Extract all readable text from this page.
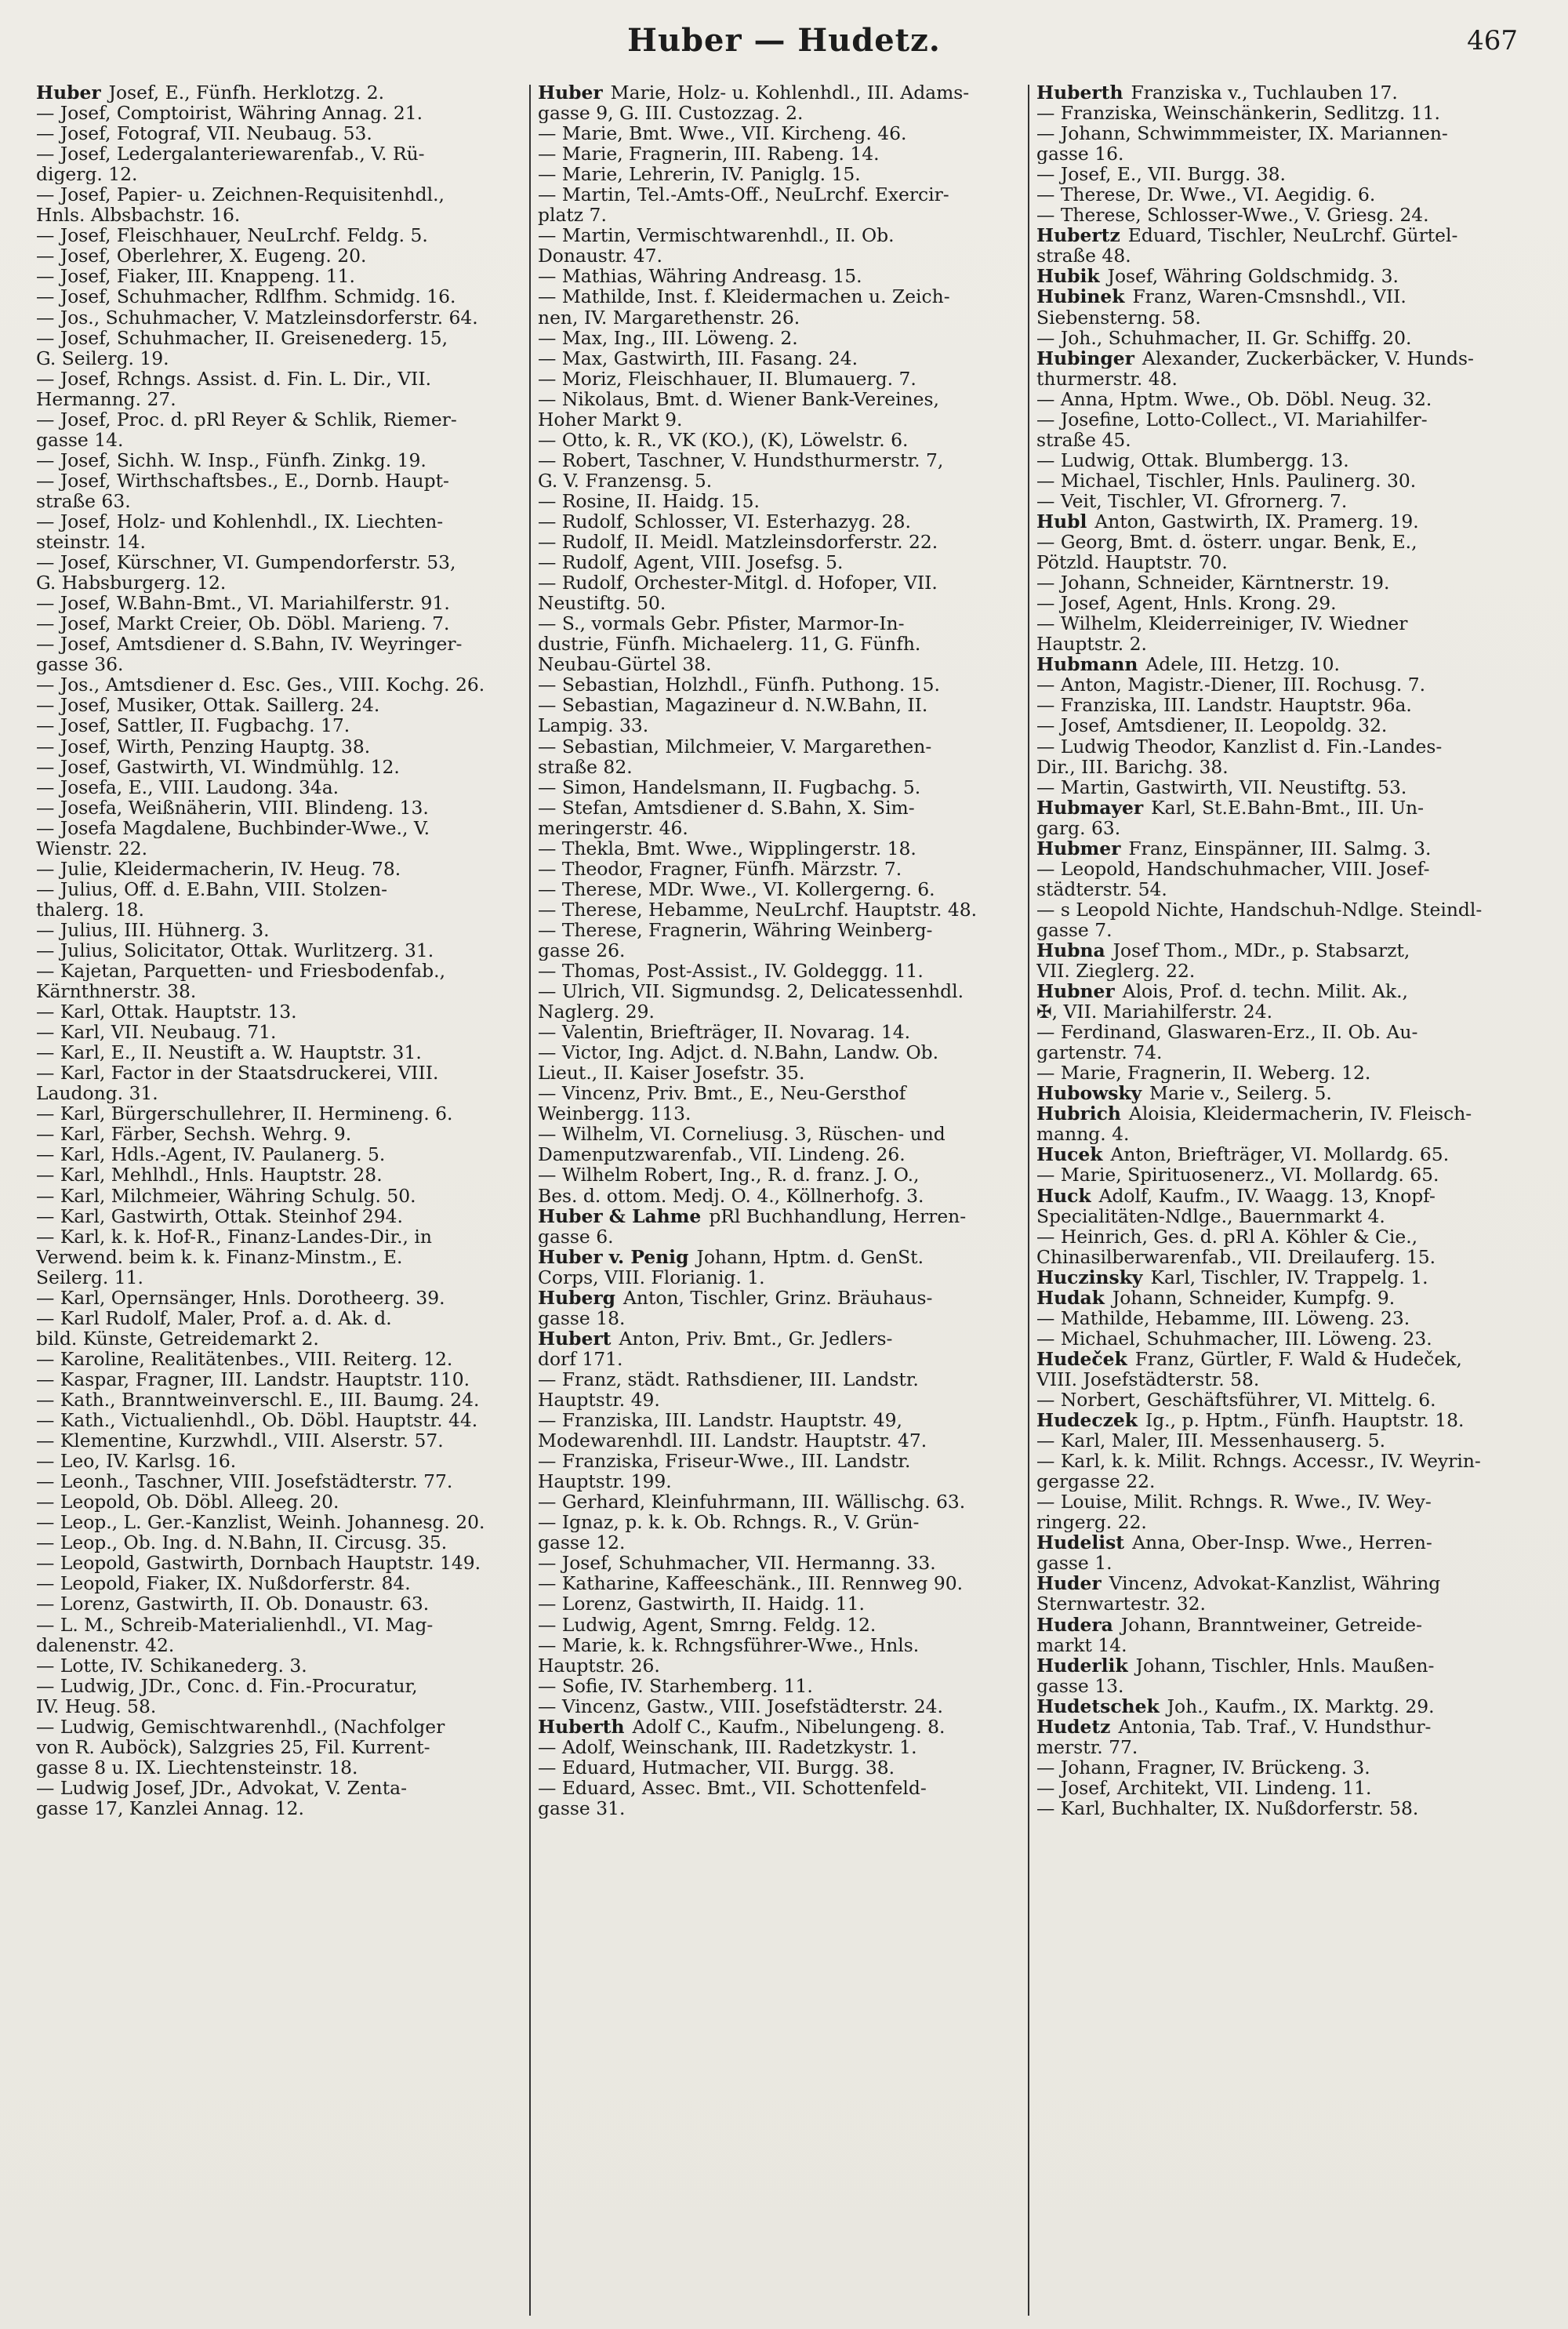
Huber — Hudetz.	467
Huber Josef, E., Fünfh. Herklotzg. 2.
— Josef, Comptoirist, Währing Annag. 21.
— Josef, Fotograf, VII. Neubaug. 53.
— Josef, Ledergalanteriewarenfab., V. Rü-
digerg. 12.
— Josef, Papier- u. Zeichnen-Requisitenhdl.,
Hnls. Albsbachstr. 16.
— Josef, Fleischhauer, NeuLrchf. Feldg. 5.
— Josef, Oberlehrer, X. Eugeng. 20.
— Josef, Fiaker, III. Knappeng. 11.
— Josef, Schuhmacher, Rdlfhm. Schmidg. 16.
— Jos., Schuhmacher, V. Matzleinsdorferstr. 64.
— Josef, Schuhmacher, II. Greisenederg. 15,
G. Seilerg. 19.
— Josef, Rchngs. Assist. d. Fin. L. Dir., VII.
Hermanng. 27.
— Josef, Proc. d. pRl Reyer & Schlik, Riemer-
gasse 14.
— Josef, Sichh. W. Insp., Fünfh. Zinkg. 19.
— Josef, Wirthschaftsbes., E., Dornb. Haupt-
straße 63.
— Josef, Holz- und Kohlenhdl., IX. Liechten-
steinstr. 14.
— Josef, Kürschner, VI. Gumpendorferstr. 53,
G. Habsburgerg. 12.
— Josef, W.Bahn-Bmt., VI. Mariahilferstr. 91.
— Josef, Markt Creier, Ob. Döbl. Marieng. 7.
— Josef, Amtsdiener d. S.Bahn, IV. Weyringer-
gasse 36.
— Jos., Amtsdiener d. Esc. Ges., VIII. Kochg. 26.
— Josef, Musiker, Ottak. Saillerg. 24.
— Josef, Sattler, II. Fugbachg. 17.
— Josef, Wirth, Penzing Hauptg. 38.
— Josef, Gastwirth, VI. Windmühlg. 12.
— Josefa, E., VIII. Laudong. 34a.
— Josefa, Weißnäherin, VIII. Blindeng. 13.
— Josefa Magdalene, Buchbinder-Wwe., V.
Wienstr. 22.
— Julie, Kleidermacherin, IV. Heug. 78.
— Julius, Off. d. E.Bahn, VIII. Stolzen-
thalerg. 18.
— Julius, III. Hühnerg. 3.
— Julius, Solicitator, Ottak. Wurlitzerg. 31.
— Kajetan, Parquetten- und Friesbodenfab.,
Kärnthnerstr. 38.
— Karl, Ottak. Hauptstr. 13.
— Karl, VII. Neubaug. 71.
— Karl, E., II. Neustift a. W. Hauptstr. 31.
— Karl, Factor in der Staatsdruckerei, VIII.
Laudong. 31.
— Karl, Bürgerschullehrer, II. Hermineng. 6.
— Karl, Färber, Sechsh. Wehrg. 9.
— Karl, Hdls.-Agent, IV. Paulanerg. 5.
— Karl, Mehlhdl., Hnls. Hauptstr. 28.
— Karl, Milchmeier, Währing Schulg. 50.
— Karl, Gastwirth, Ottak. Steinhof 294.
— Karl, k. k. Hof-R., Finanz-Landes-Dir., in
Verwend. beim k. k. Finanz-Minstm., E.
Seilerg. 11.
— Karl, Opernsänger, Hnls. Dorotheerg. 39.
— Karl Rudolf, Maler, Prof. a. d. Ak. d.
bild. Künste, Getreidemarkt 2.
— Karoline, Realitätenbes., VIII. Reiterg. 12.
— Kaspar, Fragner, III. Landstr. Hauptstr. 110.
— Kath., Branntweinverschl. E., III. Baumg. 24.
— Kath., Victualienhdl., Ob. Döbl. Hauptstr. 44.
— Klementine, Kurzwhdl., VIII. Alserstr. 57.
— Leo, IV. Karlsg. 16.
— Leonh., Taschner, VIII. Josefstädterstr. 77.
— Leopold, Ob. Döbl. Alleeg. 20.
— Leop., L. Ger.-Kanzlist, Weinh. Johannesg. 20.
— Leop., Ob. Ing. d. N.Bahn, II. Circusg. 35.
— Leopold, Gastwirth, Dornbach Hauptstr. 149.
— Leopold, Fiaker, IX. Nußdorferstr. 84.
— Lorenz, Gastwirth, II. Ob. Donaustr. 63.
— L. M., Schreib-Materialienhdl., VI. Mag-
dalenenstr. 42.
— Lotte, IV. Schikanederg. 3.
— Ludwig, JDr., Conc. d. Fin.-Procuratur,
IV. Heug. 58.
— Ludwig, Gemischtwarenhdl., (Nachfolger
von R. Auböck), Salzgries 25, Fil. Kurrent-
gasse 8 u. IX. Liechtensteinstr. 18.
— Ludwig Josef, JDr., Advokat, V. Zenta-
gasse 17, Kanzlei Annag. 12.
Huber Marie, Holz- u. Kohlenhdl., III. Adams-
gasse 9, G. III. Custozzag. 2.
— Marie, Bmt. Wwe., VII. Kircheng. 46.
— Marie, Fragnerin, III. Rabeng. 14.
— Marie, Lehrerin, IV. Paniglg. 15.
— Martin, Tel.-Amts-Off., NeuLrchf. Exercir-
platz 7.
— Martin, Vermischtwarenhdl., II. Ob.
Donaustr. 47.
— Mathias, Währing Andreasg. 15.
— Mathilde, Inst. f. Kleidermachen u. Zeich-
nen, IV. Margarethenstr. 26.
— Max, Ing., III. Löweng. 2.
— Max, Gastwirth, III. Fasang. 24.
— Moriz, Fleischhauer, II. Blumauerg. 7.
— Nikolaus, Bmt. d. Wiener Bank-Vereines,
Hoher Markt 9.
— Otto, k. R., VK (KO.), (K), Löwelstr. 6.
— Robert, Taschner, V. Hundsthurmerstr. 7,
G. V. Franzensg. 5.
— Rosine, II. Haidg. 15.
— Rudolf, Schlosser, VI. Esterhazyg. 28.
— Rudolf, II. Meidl. Matzleinsdorferstr. 22.
— Rudolf, Agent, VIII. Josefsg. 5.
— Rudolf, Orchester-Mitgl. d. Hofoper, VII.
Neustiftg. 50.
— S., vormals Gebr. Pfister, Marmor-In-
dustrie, Fünfh. Michaelerg. 11, G. Fünfh.
Neubau-Gürtel 38.
— Sebastian, Holzhdl., Fünfh. Puthong. 15.
— Sebastian, Magazineur d. N.W.Bahn, II.
Lampig. 33.
— Sebastian, Milchmeier, V. Margarethen-
straße 82.
— Simon, Handelsmann, II. Fugbachg. 5.
— Stefan, Amtsdiener d. S.Bahn, X. Sim-
meringerstr. 46.
— Thekla, Bmt. Wwe., Wipplingerstr. 18.
— Theodor, Fragner, Fünfh. Märzstr. 7.
— Therese, MDr. Wwe., VI. Kollergerng. 6.
— Therese, Hebamme, NeuLrchf. Hauptstr. 48.
— Therese, Fragnerin, Währing Weinberg-
gasse 26.
— Thomas, Post-Assist., IV. Goldeggg. 11.
— Ulrich, VII. Sigmundsg. 2, Delicatessenhdl.
Naglerg. 29.
— Valentin, Briefträger, II. Novarag. 14.
— Victor, Ing. Adjct. d. N.Bahn, Landw. Ob.
Lieut., II. Kaiser Josefstr. 35.
— Vincenz, Priv. Bmt., E., Neu-Gersthof
Weinbergg. 113.
— Wilhelm, VI. Corneliusg. 3, Rüschen- und
Damenputzwarenfab., VII. Lindeng. 26.
— Wilhelm Robert, Ing., R. d. franz. J. O.,
Bes. d. ottom. Medj. O. 4., Köllnerhofg. 3.
Huber & Lahme pRl Buchhandlung, Herren-
gasse 6.
Huber v. Penig Johann, Hptm. d. GenSt.
Corps, VIII. Florianig. 1.
Huberg Anton, Tischler, Grinz. Bräuhaus-
gasse 18.
Hubert Anton, Priv. Bmt., Gr. Jedlers-
dorf 171.
— Franz, städt. Rathsdiener, III. Landstr.
Hauptstr. 49.
— Franziska, III. Landstr. Hauptstr. 49,
Modewarenhdl. III. Landstr. Hauptstr. 47.
— Franziska, Friseur-Wwe., III. Landstr.
Hauptstr. 199.
— Gerhard, Kleinfuhrmann, III. Wällischg. 63.
— Ignaz, p. k. k. Ob. Rchngs. R., V. Grün-
gasse 12.
— Josef, Schuhmacher, VII. Hermanng. 33.
— Katharine, Kaffeeschänk., III. Rennweg 90.
— Lorenz, Gastwirth, II. Haidg. 11.
— Ludwig, Agent, Smrng. Feldg. 12.
— Marie, k. k. Rchngsführer-Wwe., Hnls.
Hauptstr. 26.
— Sofie, IV. Starhemberg. 11.
— Vincenz, Gastw., VIII. Josefstädterstr. 24.
Huberth Adolf C., Kaufm., Nibelungeng. 8.
— Adolf, Weinschank, III. Radetzkystr. 1.
— Eduard, Hutmacher, VII. Burgg. 38.
— Eduard, Assec. Bmt., VII. Schottenfeld-
gasse 31.
Huberth Franziska v., Tuchlauben 17.
— Franziska, Weinschänkerin, Sedlitzg. 11.
— Johann, Schwimmmeister, IX. Mariannen-
gasse 16.
— Josef, E., VII. Burgg. 38.
— Therese, Dr. Wwe., VI. Aegidig. 6.
— Therese, Schlosser-Wwe., V. Griesg. 24.
Hubertz Eduard, Tischler, NeuLrchf. Gürtel-
straße 48.
Hubik Josef, Währing Goldschmidg. 3.
Hubinek Franz, Waren-Cmsnshdl., VII.
Siebensterng. 58.
— Joh., Schuhmacher, II. Gr. Schiffg. 20.
Hubinger Alexander, Zuckerbäcker, V. Hunds-
thurmerstr. 48.
— Anna, Hptm. Wwe., Ob. Döbl. Neug. 32.
— Josefine, Lotto-Collect., VI. Mariahilfer-
straße 45.
— Ludwig, Ottak. Blumbergg. 13.
— Michael, Tischler, Hnls. Paulinerg. 30.
— Veit, Tischler, VI. Gfrornerg. 7.
Hubl Anton, Gastwirth, IX. Pramerg. 19.
— Georg, Bmt. d. österr. ungar. Benk, E.,
Pötzld. Hauptstr. 70.
— Johann, Schneider, Kärntnerstr. 19.
— Josef, Agent, Hnls. Krong. 29.
— Wilhelm, Kleiderreiniger, IV. Wiedner
Hauptstr. 2.
Hubmann Adele, III. Hetzg. 10.
— Anton, Magistr.-Diener, III. Rochusg. 7.
— Franziska, III. Landstr. Hauptstr. 96a.
— Josef, Amtsdiener, II. Leopoldg. 32.
— Ludwig Theodor, Kanzlist d. Fin.-Landes-
Dir., III. Barichg. 38.
— Martin, Gastwirth, VII. Neustiftg. 53.
Hubmayer Karl, St.E.Bahn-Bmt., III. Un-
garg. 63.
Hubmer Franz, Einspänner, III. Salmg. 3.
— Leopold, Handschuhmacher, VIII. Josef-
städterstr. 54.
— s Leopold Nichte, Handschuh-Ndlge. Steindl-
gasse 7.
Hubna Josef Thom., MDr., p. Stabsarzt,
VII. Zieglerg. 22.
Hubner Alois, Prof. d. techn. Milit. Ak.,
✠, VII. Mariahilferstr. 24.
— Ferdinand, Glaswaren-Erz., II. Ob. Au-
gartenstr. 74.
— Marie, Fragnerin, II. Weberg. 12.
Hubowsky Marie v., Seilerg. 5.
Hubrich Aloisia, Kleidermacherin, IV. Fleisch-
manng. 4.
Hucek Anton, Briefträger, VI. Mollardg. 65.
— Marie, Spirituosenerz., VI. Mollardg. 65.
Huck Adolf, Kaufm., IV. Waagg. 13, Knopf-
Specialitäten-Ndlge., Bauernmarkt 4.
— Heinrich, Ges. d. pRl A. Köhler & Cie.,
Chinasilberwarenfab., VII. Dreilauferg. 15.
Huczinsky Karl, Tischler, IV. Trappelg. 1.
Hudak Johann, Schneider, Kumpfg. 9.
— Mathilde, Hebamme, III. Löweng. 23.
— Michael, Schuhmacher, III. Löweng. 23.
Hudeček Franz, Gürtler, F. Wald & Hudeček,
VIII. Josefstädterstr. 58.
— Norbert, Geschäftsführer, VI. Mittelg. 6.
Hudeczek Ig., p. Hptm., Fünfh. Hauptstr. 18.
— Karl, Maler, III. Messenhauserg. 5.
— Karl, k. k. Milit. Rchngs. Accessr., IV. Weyrin-
gergasse 22.
— Louise, Milit. Rchngs. R. Wwe., IV. Wey-
ringerg. 22.
Hudelist Anna, Ober-Insp. Wwe., Herren-
gasse 1.
Huder Vincenz, Advokat-Kanzlist, Währing
Sternwartestr. 32.
Hudera Johann, Branntweiner, Getreide-
markt 14.
Huderlik Johann, Tischler, Hnls. Maußen-
gasse 13.
Hudetschek Joh., Kaufm., IX. Marktg. 29.
Hudetz Antonia, Tab. Traf., V. Hundsthur-
merstr. 77.
— Johann, Fragner, IV. Brückeng. 3.
— Josef, Architekt, VII. Lindeng. 11.
— Karl, Buchhalter, IX. Nußdorferstr. 58.
